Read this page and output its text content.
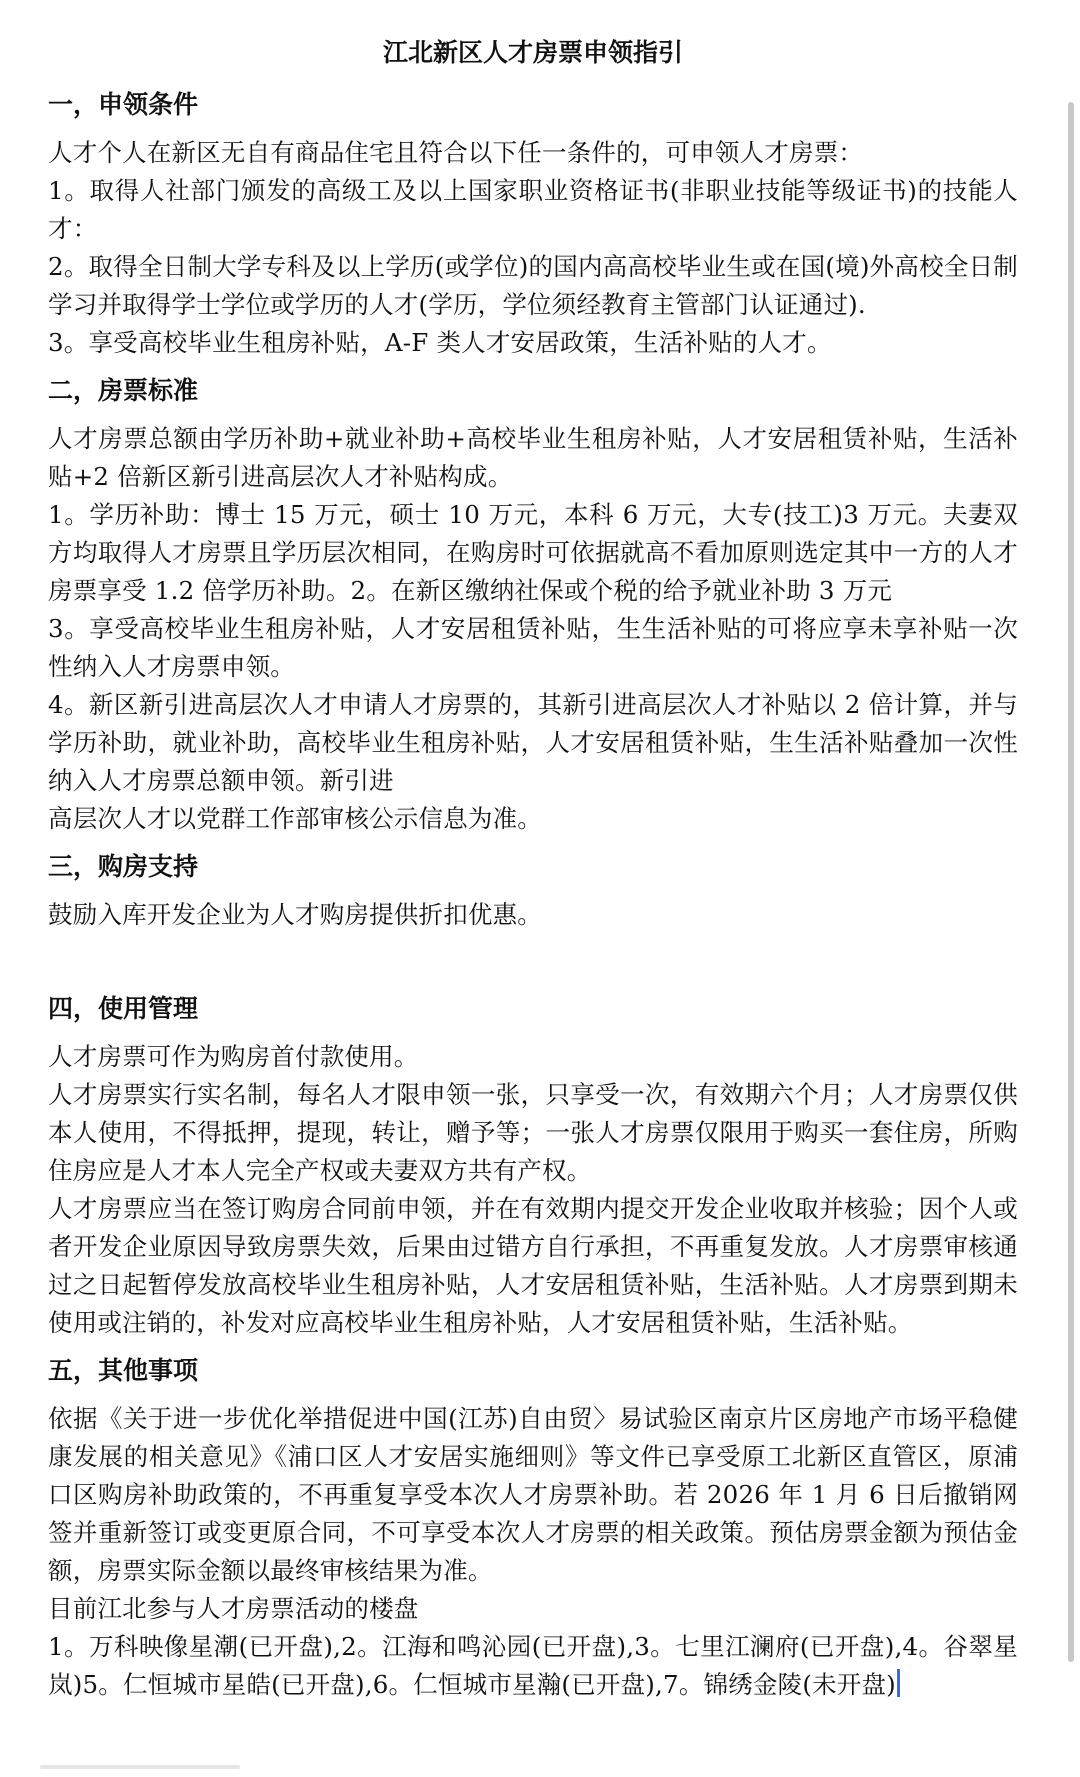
江北新区人才房票申领指引
一，申领条件

人才个人在新区无自有商品住宅且符合以下任一条件的，可申领人才房票：

1。取得人社部门颁发的高级工及以上国家职业资格证书(非职业技能等级证书)的技能人才：

2。取得全日制大学专科及以上学历(或学位)的国内高高校毕业生或在国(境)外高校全日制学习并取得学士学位或学历的人才(学历，学位须经教育主管部门认证通过).

3。享受高校毕业生租房补贴，A-F 类人才安居政策，生活补贴的人才。

二，房票标准

人才房票总额由学历补助+就业补助+高校毕业生租房补贴，人才安居租赁补贴，生活补贴+2 倍新区新引进高层次人才补贴构成。

1。学历补助：博士 15 万元，硕士 10 万元，本科 6 万元，大专(技工)3 万元。夫妻双方均取得人才房票且学历层次相同，在购房时可依据就高不看加原则选定其中一方的人才房票享受 1.2 倍学历补助。2。在新区缴纳社保或个税的给予就业补助 3 万元

3。享受高校毕业生租房补贴，人才安居租赁补贴，生生活补贴的可将应享未享补贴一次性纳入人才房票申领。

4。新区新引进高层次人才申请人才房票的，其新引进高层次人才补贴以 2 倍计算，并与学历补助，就业补助，高校毕业生租房补贴，人才安居租赁补贴，生生活补贴叠加一次性纳入人才房票总额申领。新引进

高层次人才以党群工作部审核公示信息为准。

三，购房支持

鼓励入库开发企业为人才购房提供折扣优惠。

四，使用管理

人才房票可作为购房首付款使用。

人才房票实行实名制，每名人才限申领一张，只享受一次，有效期六个月；人才房票仅供本人使用，不得抵押，提现，转让，赠予等；一张人才房票仅限用于购买一套住房，所购住房应是人才本人完全产权或夫妻双方共有产权。

人才房票应当在签订购房合同前申领，并在有效期内提交开发企业收取并核验；因个人或者开发企业原因导致房票失效，后果由过错方自行承担，不再重复发放。人才房票审核通过之日起暂停发放高校毕业生租房补贴，人才安居租赁补贴，生活补贴。人才房票到期未使用或注销的，补发对应高校毕业生租房补贴，人才安居租赁补贴，生活补贴。

五，其他事项

依据《关于进一步优化举措促进中国(江苏)自由贸〉易试验区南京片区房地产市场平稳健康发展的相关意见》《浦口区人才安居实施细则》等文件已享受原工北新区直管区，原浦口区购房补助政策的，不再重复享受本次人才房票补助。若 2026 年 1 月 6 日后撤销网签并重新签订或变更原合同，不可享受本次人才房票的相关政策。预估房票金额为预估金额，房票实际金额以最终审核结果为准。

目前江北参与人才房票活动的楼盘

1。万科映像星潮(已开盘),2。江海和鸣沁园(已开盘),3。七里江澜府(已开盘),4。谷翠星岚)5。仁恒城市星皓(已开盘),6。仁恒城市星瀚(已开盘),7。锦绣金陵(未开盘)
